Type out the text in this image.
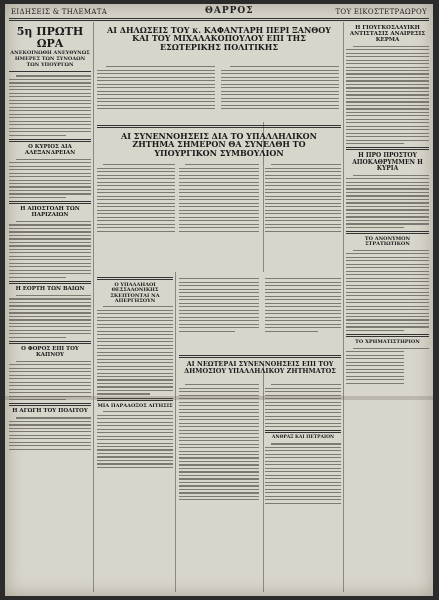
ΕΙΔΗΣΕΙΣ & ΤΗΛΕΜΑΤΑ	ΘΑΡΡΟΣ	ΤΟΥ ΕΙΚΟΣΤΕΤΡΑΩΡΟΥ
5η ΠΡΩΤΗ ΩΡΑ
ΑΝΕΚΟΙΝΩΘΗ ΑΝΕΥΘΥΝΩΣ ΗΜΕΡΕΣ ΤΩΝ ΣΥΝΟΔΩΝ ΤΩΝ ΥΠΟΥΡΓΩΝ
Ο ΚΥΡΙΟΣ ΔΙΑ ΑΛΕΞΑΝΔΡΕΙΑΝ
Η ΑΠΟΣΤΟΛΗ ΤΩΝ ΠΑΡΙΖΑΙΩΝ
Η ΕΟΡΤΗ ΤΩΝ ΒΑΙΩΝ
Ο ΦΟΡΟΣ ΕΠΙ ΤΟΥ ΚΑΠΝΟΥ
Η ΑΓΩΓΗ ΤΟΥ ΠΟΛΙΤΟΥ
ΑΙ ΔΗΛΩΣΕΙΣ ΤΟΥ κ. ΚΑΦΑΝΤΑΡΗ ΠΕΡΙ ΞΑΝΘΟΥ ΚΑΙ ΤΟΥ ΜΙΧΑΛΑΚΟΠΟΥΛΟΥ ΕΠΙ ΤΗΣ ΕΣΩΤΕΡΙΚΗΣ ΠΟΛΙΤΙΚΗΣ
ΑΙ ΣΥΝΕΝΝΟΗΣΕΙΣ ΔΙΑ ΤΟ ΥΠΑΛΛΗΛΙΚΟΝ ΖΗΤΗΜΑ ΣΗΜΕΡΟΝ ΘΑ ΣΥΝΕΛΘΗ ΤΟ ΥΠΟΥΡΓΙΚΟΝ ΣΥΜΒΟΥΛΙΟΝ
Ο ΥΠΑΛΛΗΛΟΙ ΘΕΣΣΑΛΟΝΙΚΗΣ ΣΚΕΠΤΟΝΤΑΙ ΝΑ ΑΠΕΡΓΗΣΟΥΝ
ΜΙΑ ΠΑΡΑΔΟΞΟΣ ΑΙΤΗΣΙΣ
ΑΙ ΝΕΩΤΕΡΑΙ ΣΥΝΕΝΝΟΗΣΕΙΣ ΕΠΙ ΤΟΥ ΔΗΜΟΣΙΟΥ ΥΠΑΛΛΗΛΙΚΟΥ ΖΗΤΗΜΑΤΟΣ
ΑΝΘΡΑΞ ΚΑΙ ΠΕΤΡΑΙΟΝ
Η ΓΙΟΥΓΚΟΣΛΑΥΙΚΗ ΑΝΤΙΣΤΑΣΙΣ ΑΝΑΙΡΕΣΙΣ ΚΕΡΜΑ
Η ΠΡΟ ΠΡΟΣΤΟΥ ΑΠΟΚΑΘΡΥΜΜΕΝ Η ΚΥΡΙΑ
ΤΟ ΑΝΟΝΥΜΟΝ ΣΤΡΑΤΙΩΤΙΚΟΝ
ΤΟ ΧΡΗΜΑΤΙΣΤΗΡΙΟΝ
